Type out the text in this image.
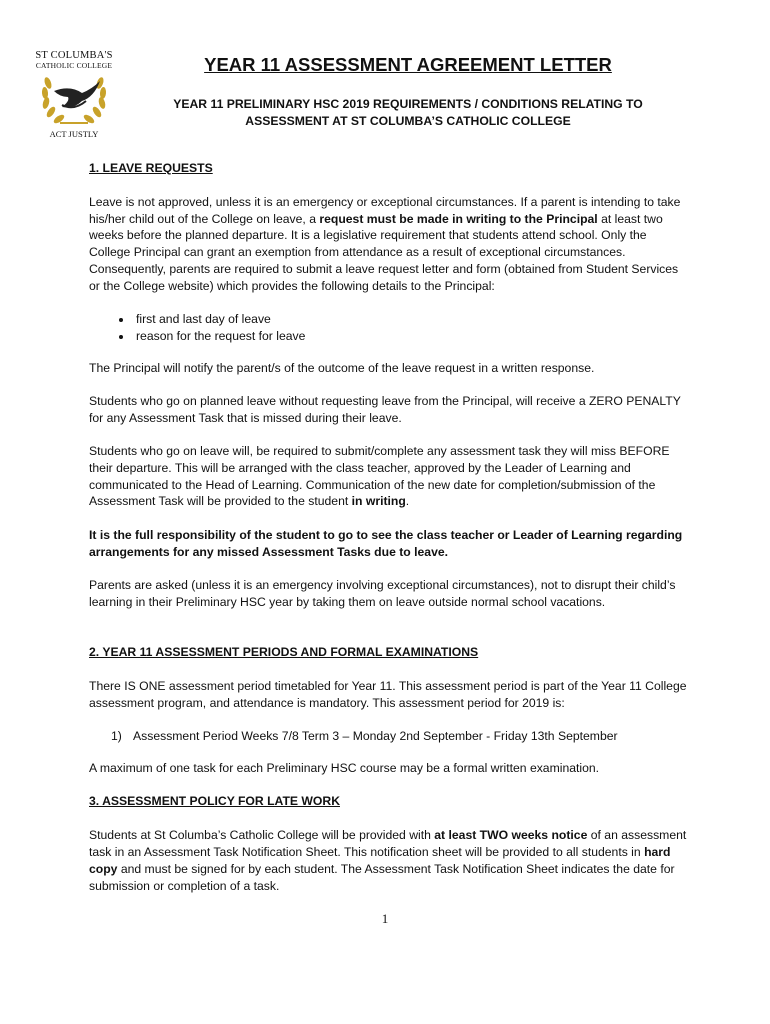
ST COLUMBA'S
CATHOLIC COLLEGE
ACT JUSTLY
YEAR 11 ASSESSMENT AGREEMENT LETTER
YEAR 11 PRELIMINARY HSC 2019 REQUIREMENTS / CONDITIONS RELATING TO
ASSESSMENT AT ST COLUMBA’S CATHOLIC COLLEGE
1. LEAVE REQUESTS

Leave is not approved, unless it is an emergency or exceptional circumstances. If a parent is intending to take his/her child out of the College on leave, a request must be made in writing to the Principal at least two weeks before the planned departure. It is a legislative requirement that students attend school. Only the College Principal can grant an exemption from attendance as a result of exceptional circumstances. Consequently, parents are required to submit a leave request letter and form (obtained from Student Services or the College website) which provides the following details to the Principal:

• first and last day of leave
• reason for the request for leave

The Principal will notify the parent/s of the outcome of the leave request in a written response.

Students who go on planned leave without requesting leave from the Principal, will receive a ZERO PENALTY for any Assessment Task that is missed during their leave.

Students who go on leave will, be required to submit/complete any assessment task they will miss BEFORE their departure. This will be arranged with the class teacher, approved by the Leader of Learning and communicated to the Head of Learning. Communication of the new date for completion/submission of the Assessment Task will be provided to the student in writing.

It is the full responsibility of the student to go to see the class teacher or Leader of Learning regarding arrangements for any missed Assessment Tasks due to leave.

Parents are asked (unless it is an emergency involving exceptional circumstances), not to disrupt their child’s learning in their Preliminary HSC year by taking them on leave outside normal school vacations.

2. YEAR 11 ASSESSMENT PERIODS AND FORMAL EXAMINATIONS

There IS ONE assessment period timetabled for Year 11. This assessment period is part of the Year 11 College assessment program, and attendance is mandatory. This assessment period for 2019 is:

1) Assessment Period Weeks 7/8 Term 3 – Monday 2nd September - Friday 13th September

A maximum of one task for each Preliminary HSC course may be a formal written examination.

3. ASSESSMENT POLICY FOR LATE WORK

Students at St Columba’s Catholic College will be provided with at least TWO weeks notice of an assessment task in an Assessment Task Notification Sheet. This notification sheet will be provided to all students in hard copy and must be signed for by each student. The Assessment Task Notification Sheet indicates the date for submission or completion of a task.

1
